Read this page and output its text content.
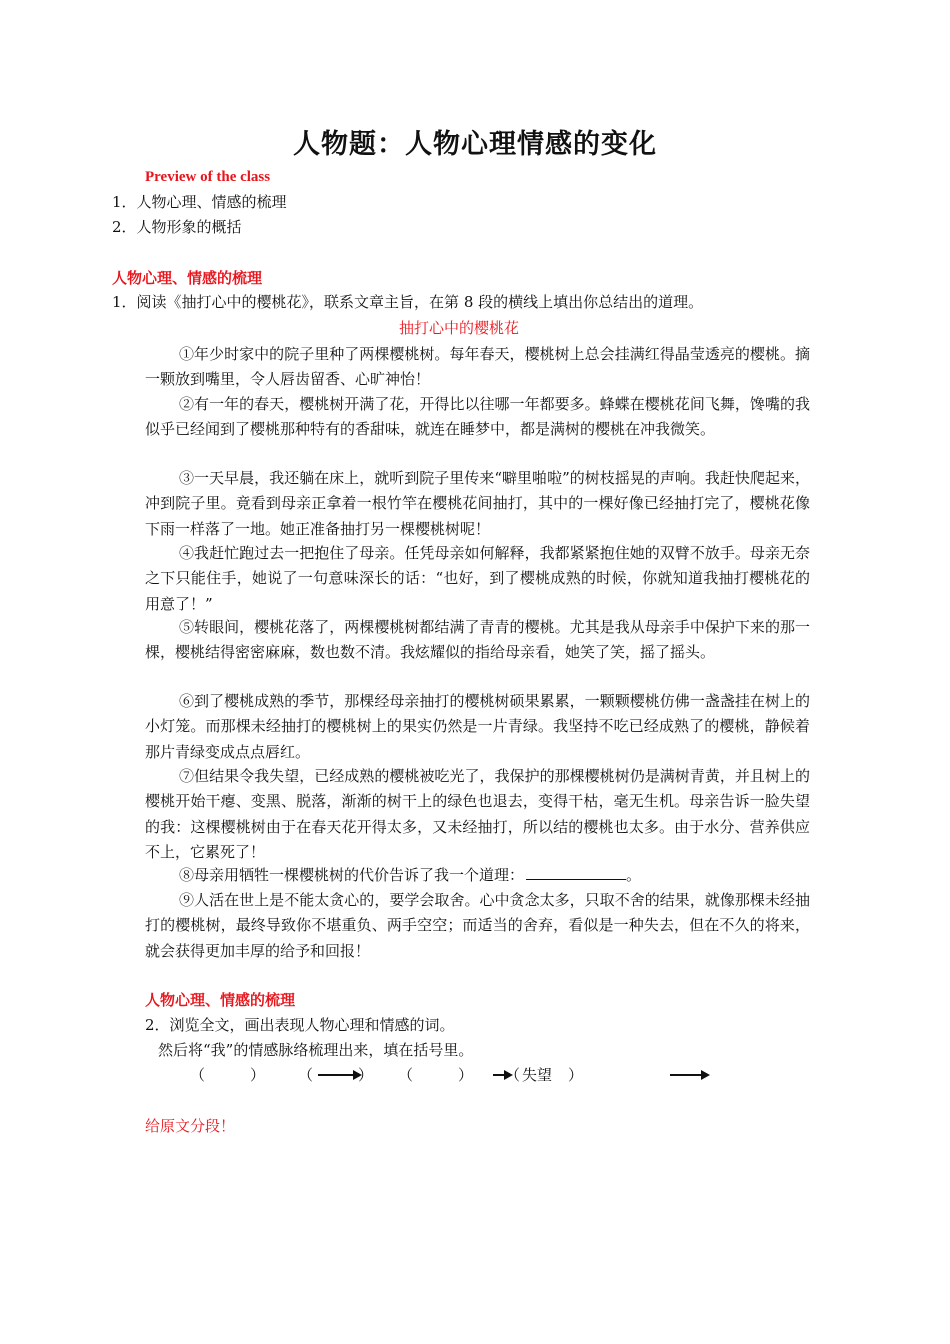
人物题：人物心理情感的变化
Preview of the class
1．人物心理、情感的梳理
2．人物形象的概括
人物心理、情感的梳理
1．阅读《抽打心中的樱桃花》，联系文章主旨，在第 8 段的横线上填出你总结出的道理。
抽打心中的樱桃花
①年少时家中的院子里种了两棵樱桃树。每年春天，樱桃树上总会挂满红得晶莹透亮的樱桃。摘一颗放到嘴里，令人唇齿留香、心旷神怡！
②有一年的春天，樱桃树开满了花，开得比以往哪一年都要多。蜂蝶在樱桃花间飞舞，馋嘴的我似乎已经闻到了樱桃那种特有的香甜味，就连在睡梦中，都是满树的樱桃在冲我微笑。
③一天早晨，我还躺在床上，就听到院子里传来“噼里啪啦”的树枝摇晃的声响。我赶快爬起来，冲到院子里。竟看到母亲正拿着一根竹竿在樱桃花间抽打，其中的一棵好像已经抽打完了，樱桃花像下雨一样落了一地。她正准备抽打另一棵樱桃树呢！
④我赶忙跑过去一把抱住了母亲。任凭母亲如何解释，我都紧紧抱住她的双臂不放手。母亲无奈之下只能住手，她说了一句意味深长的话：“也好，到了樱桃成熟的时候，你就知道我抽打樱桃花的用意了！”
⑤转眼间，樱桃花落了，两棵樱桃树都结满了青青的樱桃。尤其是我从母亲手中保护下来的那一棵，樱桃结得密密麻麻，数也数不清。我炫耀似的指给母亲看，她笑了笑，摇了摇头。
⑥到了樱桃成熟的季节，那棵经母亲抽打的樱桃树硕果累累，一颗颗樱桃仿佛一盏盏挂在树上的小灯笼。而那棵未经抽打的樱桃树上的果实仍然是一片青绿。我坚持不吃已经成熟了的樱桃，静候着那片青绿变成点点唇红。
⑦但结果令我失望，已经成熟的樱桃被吃光了，我保护的那棵樱桃树仍是满树青黄，并且树上的樱桃开始干瘪、变黑、脱落，渐渐的树干上的绿色也退去，变得干枯，毫无生机。母亲告诉一脸失望的我：这棵樱桃树由于在春天花开得太多，又未经抽打，所以结的樱桃也太多。由于水分、营养供应不上，它累死了！
⑧母亲用牺牲一棵樱桃树的代价告诉了我一个道理：	。
⑨人活在世上是不能太贪心的，要学会取舍。心中贪念太多，只取不舍的结果，就像那棵未经抽打的樱桃树，最终导致你不堪重负、两手空空；而适当的舍弃，看似是一种失去，但在不久的将来，就会获得更加丰厚的给予和回报！
人物心理、情感的梳理
2．浏览全文，画出表现人物心理和情感的词。
然后将“我”的情感脉络梳理出来，填在括号里。
（	） （	） （	） （ 失望 ）
给原文分段！
